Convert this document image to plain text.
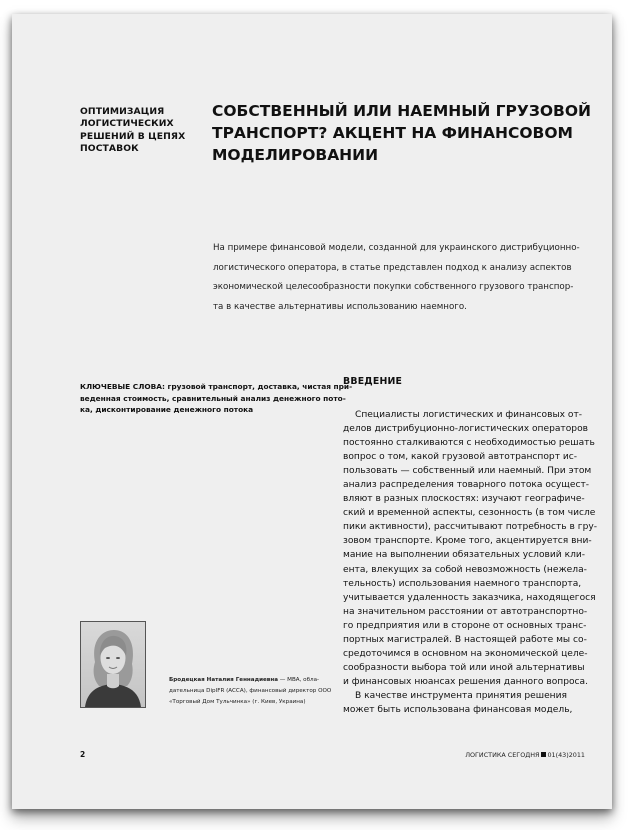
ОПТИМИЗАЦИЯ
ЛОГИСТИЧЕСКИХ
РЕШЕНИЙ В ЦЕПЯХ
ПОСТАВОК
СОБСТВЕННЫЙ ИЛИ НАЕМНЫЙ ГРУЗОВОЙ
ТРАНСПОРТ? АКЦЕНТ НА ФИНАНСОВОМ
МОДЕЛИРОВАНИИ
На примере финансовой модели, созданной для украинского дистрибуционно-
логистического оператора, в статье представлен подход к анализу аспектов
экономической целесообразности покупки собственного грузового транспор-
та в качестве альтернативы использованию наемного.
КЛЮЧЕВЫЕ СЛОВА: грузовой транспорт, доставка, чистая при-
веденная стоимость, сравнительный анализ денежного пото-
ка, дисконтирование денежного потока
ВВЕДЕНИЕ
Специалисты логистических и финансовых от-
делов дистрибуционно-логистических операторов
постоянно сталкиваются с необходимостью решать
вопрос о том, какой грузовой автотранспорт ис-
пользовать — собственный или наемный. При этом
анализ распределения товарного потока осущест-
вляют в разных плоскостях: изучают географиче-
ский и временной аспекты, сезонность (в том числе
пики активности), рассчитывают потребность в гру-
зовом транспорте. Кроме того, акцентируется вни-
мание на выполнении обязательных условий кли-
ента, влекущих за собой невозможность (нежела-
тельность) использования наемного транспорта,
учитывается удаленность заказчика, находящегося
на значительном расстоянии от автотранспортно-
го предприятия или в стороне от основных транс-
портных магистралей. В настоящей работе мы со-
средоточимся в основном на экономической целе-
сообразности выбора той или иной альтернативы
и финансовых нюансах решения данного вопроса.
В качестве инструмента принятия решения
может быть использована финансовая модель,
Бродецкая Наталия Геннадиевна — MBA, обла-
дательница DipIFR (ACCA), финансовый директор ООО
«Торговый Дом Тульчинка» (г. Киев, Украина)
2	ЛОГИСТИКА СЕГОДНЯ 01(43)2011
